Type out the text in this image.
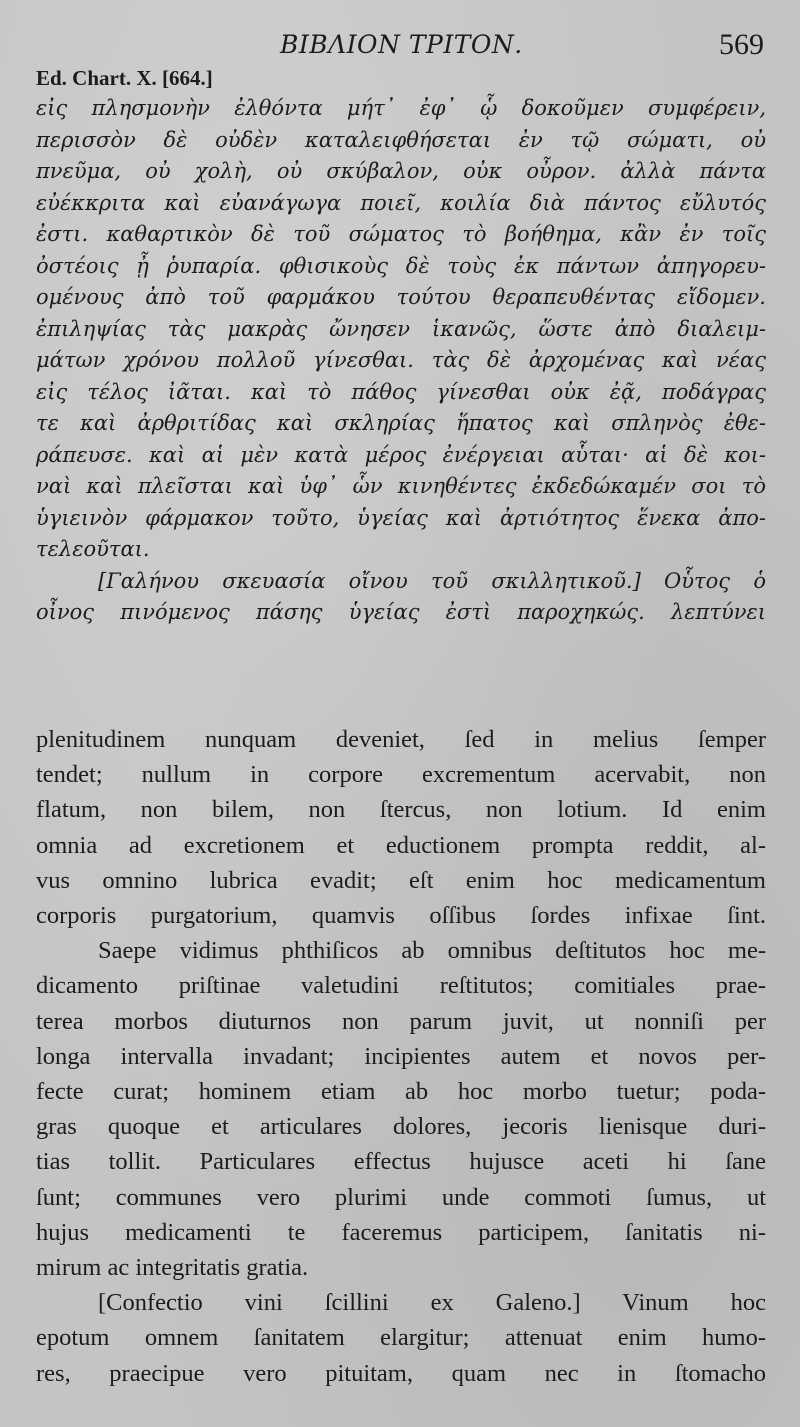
ΒΙΒΛΙΟΝ ΤΡΙΤΟΝ.	569
Ed. Chart. X. [664.]
εἰς πλησμονὴν ἐλθόντα μήτ᾽ ἐφ᾽ ᾧ δοκοῦμεν συμφέρειν,
περισσὸν δὲ οὐδὲν καταλειφθήσεται ἐν τῷ σώματι, οὐ
πνεῦμα, οὐ χολὴ, οὐ σκύβαλον, οὐκ οὖρον. ἀλλὰ πάντα
εὐέκκριτα καὶ εὐανάγωγα ποιεῖ, κοιλία διὰ πάντος εὔλυτός
ἐστι. καθαρτικὸν δὲ τοῦ σώματος τὸ βοήθημα, κἂν ἐν τοῖς
ὀστέοις ᾖ ῥυπαρία. φθισικοὺς δὲ τοὺς ἐκ πάντων ἀπηγορευ-
ομένους ἀπὸ τοῦ φαρμάκου τούτου θεραπευθέντας εἴδομεν.
ἐπιληψίας τὰς μακρὰς ὤνησεν ἱκανῶς, ὥστε ἀπὸ διαλειμ-
μάτων χρόνου πολλοῦ γίνεσθαι. τὰς δὲ ἀρχομένας καὶ νέας
εἰς τέλος ἰᾶται. καὶ τὸ πάθος γίνεσθαι οὐκ ἐᾷ, ποδάγρας
τε καὶ ἀρθριτίδας καὶ σκληρίας ἥπατος καὶ σπληνὸς ἐθε-
ράπευσε. καὶ αἱ μὲν κατὰ μέρος ἐνέργειαι αὗται· αἱ δὲ κοι-
ναὶ καὶ πλεῖσται καὶ ὑφ᾽ ὧν κινηθέντες ἐκδεδώκαμέν σοι τὸ
ὑγιεινὸν φάρμακον τοῦτο, ὑγείας καὶ ἀρτιότητος ἕνεκα ἀπο-
τελεοῦται.
[Γαλήνου σκευασία οἴνου τοῦ σκιλλητικοῦ.] Οὗτος ὁ
οἶνος πινόμενος πάσης ὑγείας ἐστὶ παροχηκώς. λεπτύνει
plenitudinem nunquam deveniet, ſed in melius ſemper
tendet; nullum in corpore excrementum acervabit, non
flatum, non bilem, non ſtercus, non lotium. Id enim
omnia ad excretionem et eductionem prompta reddit, al-
vus omnino lubrica evadit; eſt enim hoc medicamentum
corporis purgatorium, quamvis oſſibus ſordes infixae ſint.
Saepe vidimus phthiſicos ab omnibus deſtitutos hoc me-
dicamento priſtinae valetudini reſtitutos; comitiales prae-
terea morbos diuturnos non parum juvit, ut nonniſi per
longa intervalla invadant; incipientes autem et novos per-
fecte curat; hominem etiam ab hoc morbo tuetur; poda-
gras quoque et articulares dolores, jecoris lienisque duri-
tias tollit. Particulares effectus hujusce aceti hi ſane
ſunt; communes vero plurimi unde commoti ſumus, ut
hujus medicamenti te faceremus participem, ſanitatis ni-
mirum ac integritatis gratia.
[Confectio vini ſcillini ex Galeno.] Vinum hoc
epotum omnem ſanitatem elargitur; attenuat enim humo-
res, praecipue vero pituitam, quam nec in ſtomacho
